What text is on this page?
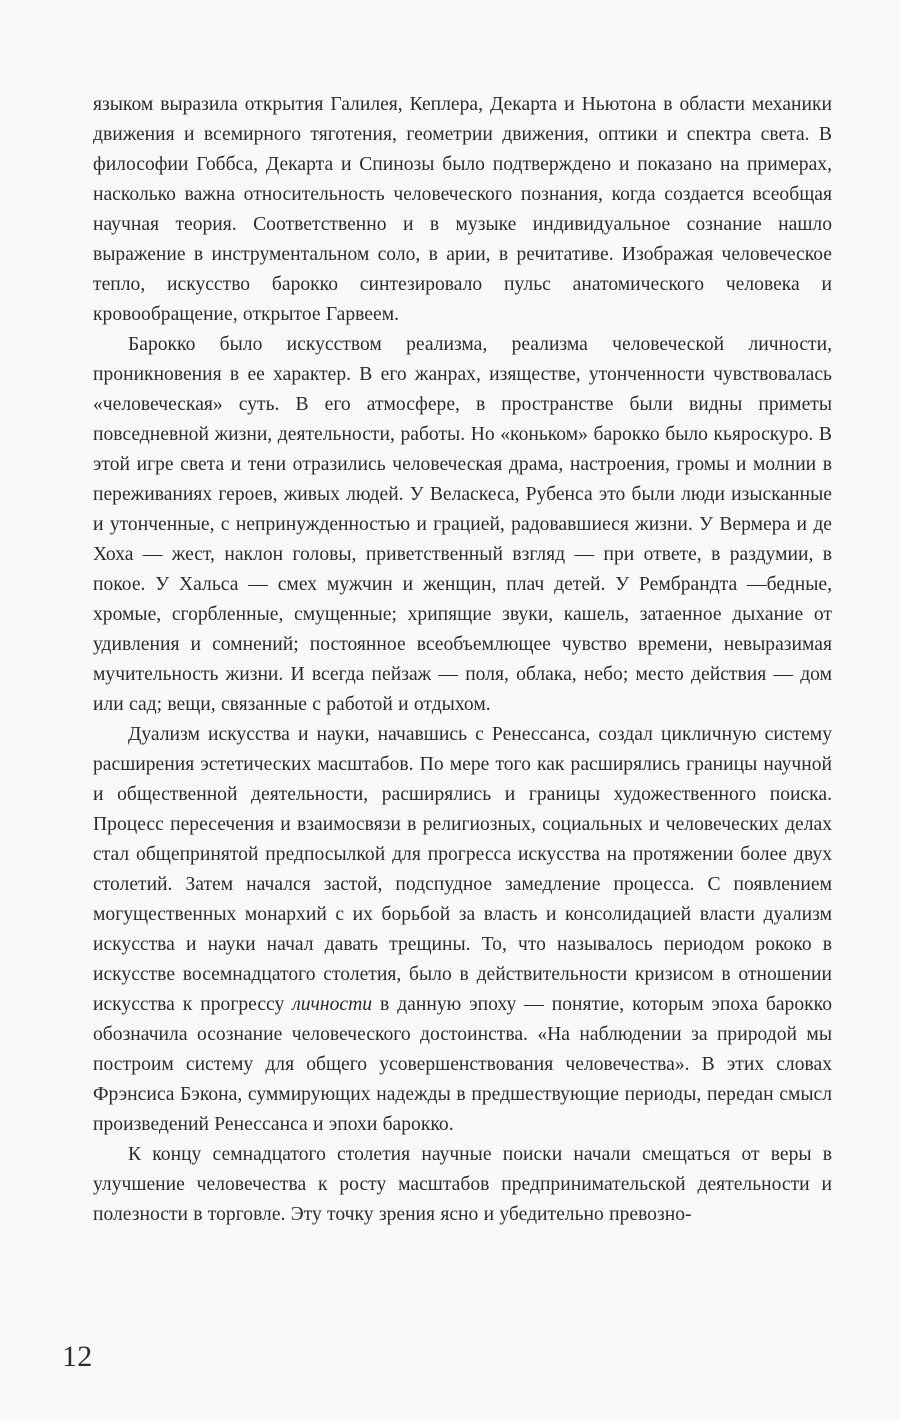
языком выразила открытия Галилея, Кеплера, Декарта и Ньютона в области механики движения и всемирного тяготения, геометрии движения, оптики и спектра света. В философии Гоббса, Декарта и Спинозы было подтверждено и показано на примерах, насколько важна относительность человеческого познания, когда создается всеобщая научная теория. Соответственно и в музыке индивидуальное сознание нашло выражение в инструментальном соло, в арии, в речитативе. Изображая человеческое тепло, искусство барокко синтезировало пульс анатомического человека и кровообращение, открытое Гарвеем.

Барокко было искусством реализма, реализма человеческой личности, проникновения в ее характер. В его жанрах, изяществе, утонченности чувствовалась «человеческая» суть. В его атмосфере, в пространстве были видны приметы повседневной жизни, деятельности, работы. Но «коньком» барокко было кьяроскуро. В этой игре света и тени отразились человеческая драма, настроения, громы и молнии в переживаниях героев, живых людей. У Веласкеса, Рубенса это были люди изысканные и утонченные, с непринужденностью и грацией, радовавшиеся жизни. У Вермера и де Хоха — жест, наклон головы, приветственный взгляд — при ответе, в раздумии, в покое. У Хальса — смех мужчин и женщин, плач детей. У Рембрандта —бедные, хромые, сгорбленные, смущенные; хрипящие звуки, кашель, затаенное дыхание от удивления и сомнений; постоянное всеобъемлющее чувство времени, невыразимая мучительность жизни. И всегда пейзаж — поля, облака, небо; место действия — дом или сад; вещи, связанные с работой и отдыхом.

Дуализм искусства и науки, начавшись с Ренессанса, создал цикличную систему расширения эстетических масштабов. По мере того как расширялись границы научной и общественной деятельности, расширялись и границы художественного поиска. Процесс пересечения и взаимосвязи в религиозных, социальных и человеческих делах стал общепринятой предпосылкой для прогресса искусства на протяжении более двух столетий. Затем начался застой, подспудное замедление процесса. С появлением могущественных монархий с их борьбой за власть и консолидацией власти дуализм искусства и науки начал давать трещины. То, что называлось периодом рококо в искусстве восемнадцатого столетия, было в действительности кризисом в отношении искусства к прогрессу личности в данную эпоху — понятие, которым эпоха барокко обозначила осознание человеческого достоинства. «На наблюдении за природой мы построим систему для общего усовершенствования человечества». В этих словах Фрэнсиса Бэкона, суммирующих надежды в предшествующие периоды, передан смысл произведений Ренессанса и эпохи барокко.

К концу семнадцатого столетия научные поиски начали смещаться от веры в улучшение человечества к росту масштабов предпринимательской деятельности и полезности в торговле. Эту точку зрения ясно и убедительно превозно-

12
